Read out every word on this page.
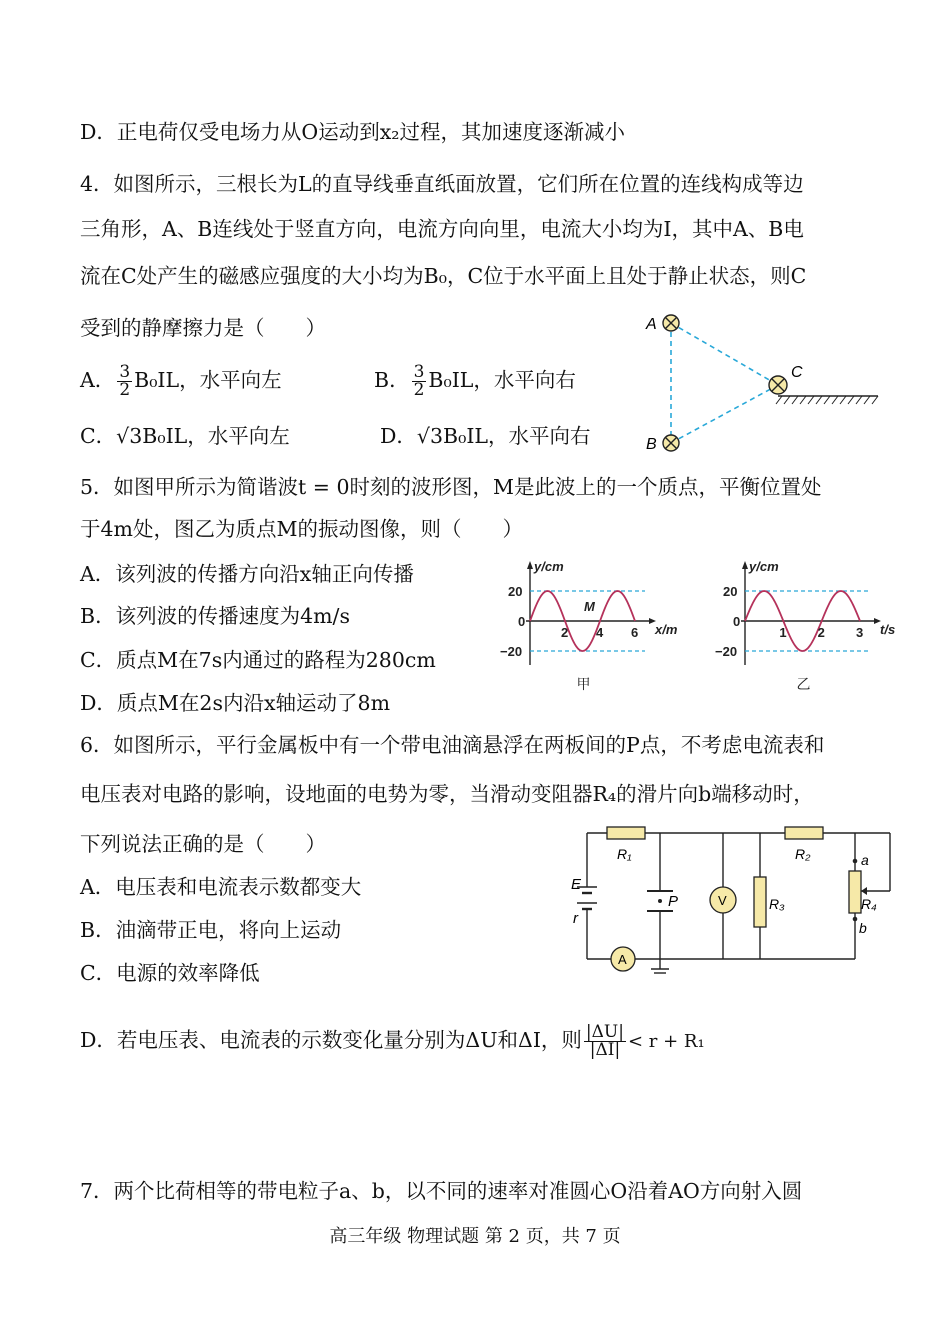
D．正电荷仅受电场力从O运动到x₂过程，其加速度逐渐减小
4．如图所示，三根长为L的直导线垂直纸面放置，它们所在位置的连线构成等边
三角形，A、B连线处于竖直方向，电流方向向里，电流大小均为I，其中A、B电
流在C处产生的磁感应强度的大小均为B₀，C位于水平面上且处于静止状态，则C
受到的静摩擦力是（　　）
A． $\frac{3}{2} B_0IL$，水平向左	B． $\frac{3}{2} B_0IL$，水平向右
C．√3B₀IL，水平向左	D．√3B₀IL，水平向右
A
B
C
5．如图甲所示为简谐波t = 0时刻的波形图，M是此波上的一个质点，平衡位置处
于4m处，图乙为质点M的振动图像，则（　　）
A．该列波的传播方向沿x轴正向传播
B．该列波的传播速度为4m/s
C．质点M在7s内通过的路程为280cm
D．质点M在2s内沿x轴运动了8m
2 4 6
20
0
−20
y/cm
x/m
甲
M
1 2 3
20
0
−20
y/cm
t/s
乙
6．如图所示，平行金属板中有一个带电油滴悬浮在两板间的P点，不考虑电流表和
电压表对电路的影响，设地面的电势为零，当滑动变阻器R₄的滑片向b端移动时，
下列说法正确的是（　　）
A．电压表和电流表示数都变大
B．油滴带正电，将向上运动
C．电源的效率降低
D．若电压表、电流表的示数变化量分别为ΔU和ΔI，则 $\frac{|\Delta U|}{|\Delta I|} < r + R_1$
E
r
R₁	R₂
R₃	R₄
a
b
P	V
A
7．两个比荷相等的带电粒子a、b，以不同的速率对准圆心O沿着AO方向射入圆
高三年级 物理试题 第 2 页，共 7 页
